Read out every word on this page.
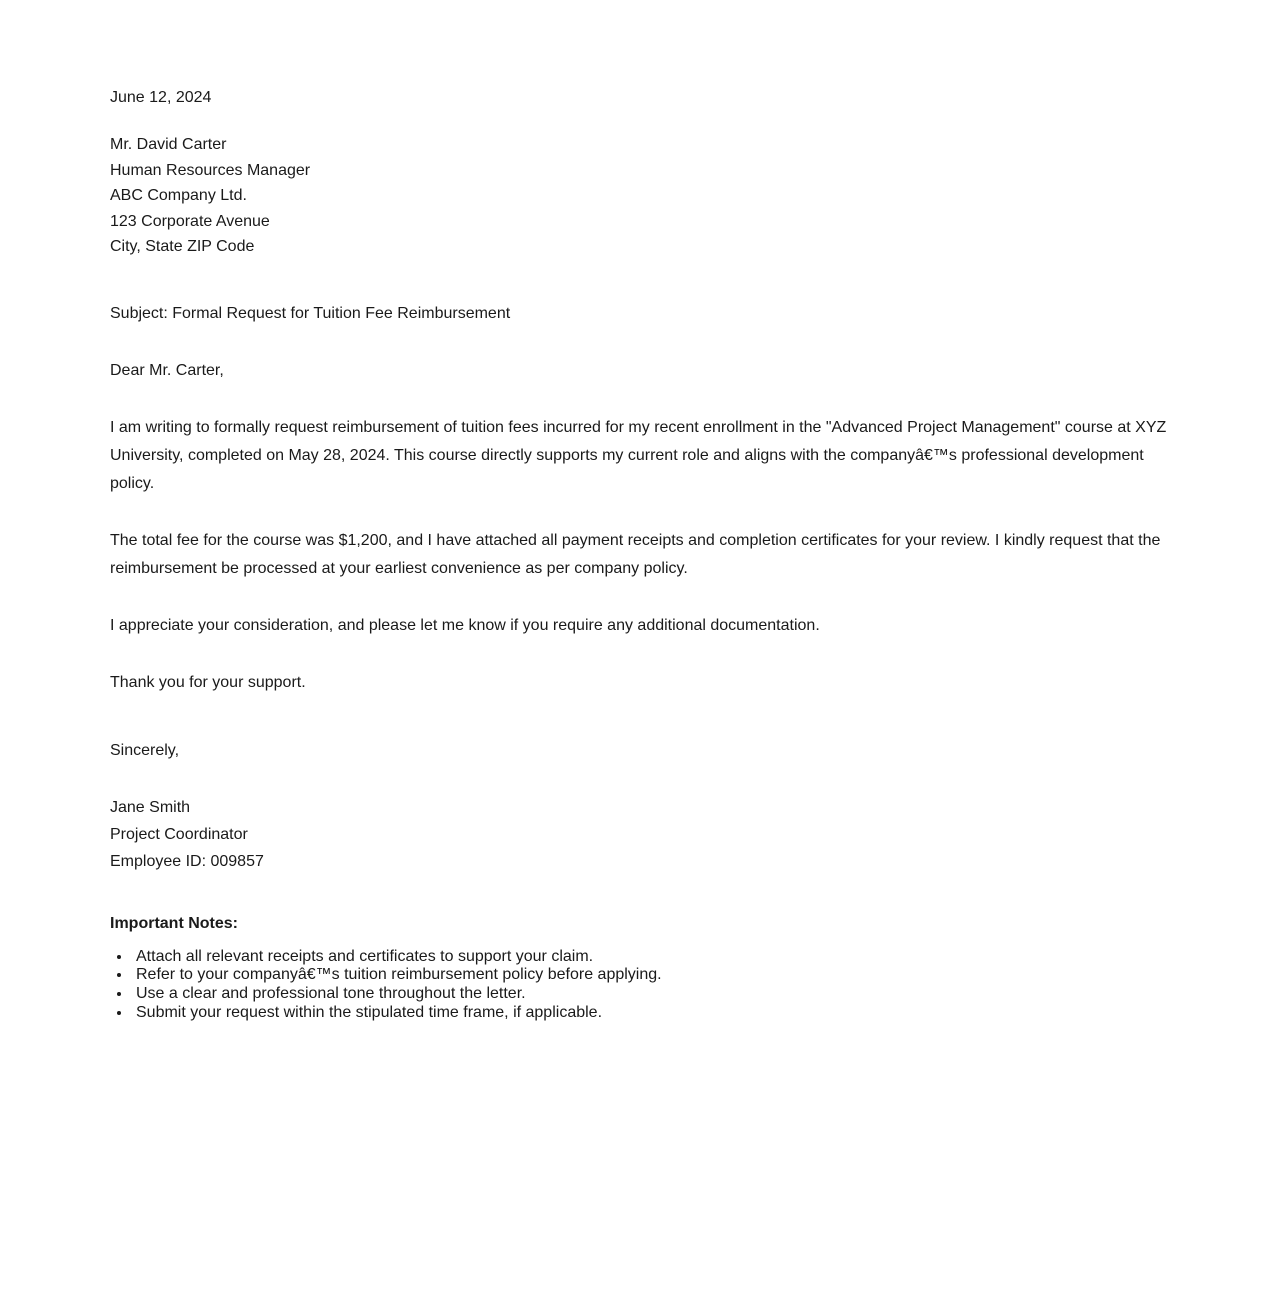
June 12, 2024

Mr. David Carter
Human Resources Manager
ABC Company Ltd.
123 Corporate Avenue
City, State ZIP Code

Subject: Formal Request for Tuition Fee Reimbursement

Dear Mr. Carter,

I am writing to formally request reimbursement of tuition fees incurred for my recent enrollment in the "Advanced Project Management" course at XYZ University, completed on May 28, 2024. This course directly supports my current role and aligns with the companyâ€™s professional development policy.

The total fee for the course was $1,200, and I have attached all payment receipts and completion certificates for your review. I kindly request that the reimbursement be processed at your earliest convenience as per company policy.

I appreciate your consideration, and please let me know if you require any additional documentation.

Thank you for your support.

Sincerely,

Jane Smith
Project Coordinator
Employee ID: 009857

Important Notes:

• Attach all relevant receipts and certificates to support your claim.
• Refer to your companyâ€™s tuition reimbursement policy before applying.
• Use a clear and professional tone throughout the letter.
• Submit your request within the stipulated time frame, if applicable.
